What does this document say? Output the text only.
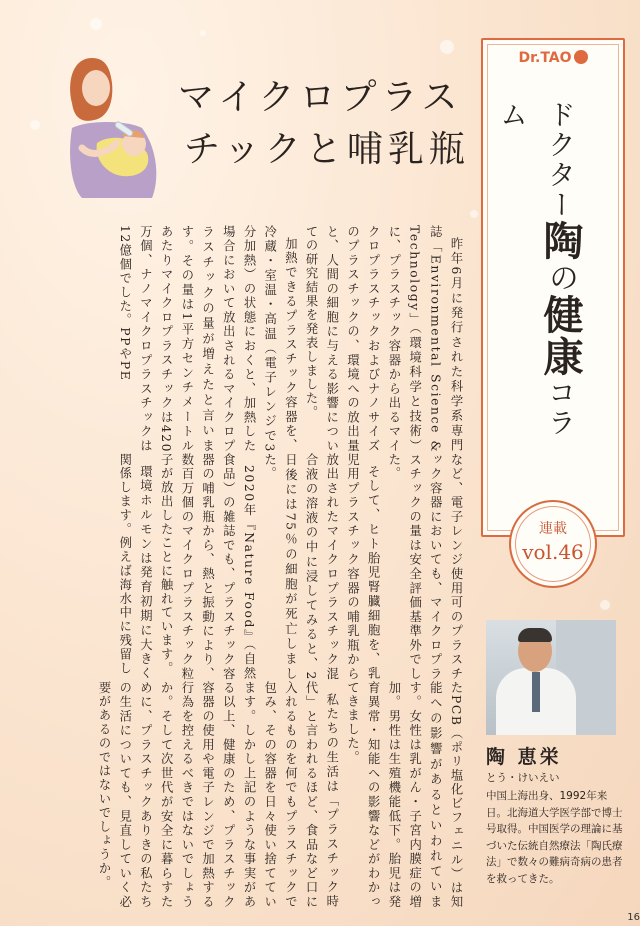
マイクロプラス
チックと哺乳瓶

昨年6月に発行された科学系専門誌「Environmental Science & Technology」（環境科学と技術）に、プラスチック容器から出るマイクロプラスチックおよびナノサイズのプラスチックの、環境への放出量と、人間の細胞に与える影響についての研究結果を発表しました。

加熱できるプラスチック容器を、冷蔵・室温・高温（電子レンジで3分加熱）の状態におくと、加熱した場合において放出されるマイクロプラスチックの量が増えたと言います。その量は1平方センチメートルあたりマイクロプラスチックは420万個、ナノマイクロプラスチックは12億個でした。PPやPE

など、電子レンジ使用可のプラスチック容器においても、マイクロプラスチックの量は安全評価基準外でした。

そして、ヒト胎児腎臓細胞を、乳児用プラスチック容器の哺乳瓶から放出されたマイクロプラスチック混合液の溶液の中に浸してみると、2日後には75％の細胞が死亡しました。

2020年『Nature Food』（自然食品）の雑誌でも、プラスチック容器の哺乳瓶から、熱と振動により、数百万個のマイクロプラスチック粒子が放出したことに触れています。

環境ホルモンは発育初期に大きく関係します。例えば海水中に残留し

たPCB（ポリ塩化ビフェニル）は知能への影響があるといわれています。女性は乳がん・子宮内膜症の増加。男性は生殖機能低下。胎児は発育異常・知能への影響などがわかってきました。

私たちの生活は「プラスチック時代」と言われるほど、食品など口に入れるものを何でもプラスチックで包み、その容器を日々使い捨てています。しかし上記のような事実がある以上、健康のため、プラスチック容器の使用や電子レンジで加熱する行為を控えるべきではないでしょうか。そして次世代が安全に暮らすために、プラスチックありきの私たちの生活についても、見直していく必要があるのではないでしょうか。

Dr.TAO
ドクター陶の健康コラム
連載
vol.46
陶 恵栄
とう・けいえい
中国上海出身、1992年来日。北海道大学医学部で博士号取得。中国医学の理論に基づいた伝統自然療法「陶氏療法」で数々の難病奇病の患者を救ってきた。
16
